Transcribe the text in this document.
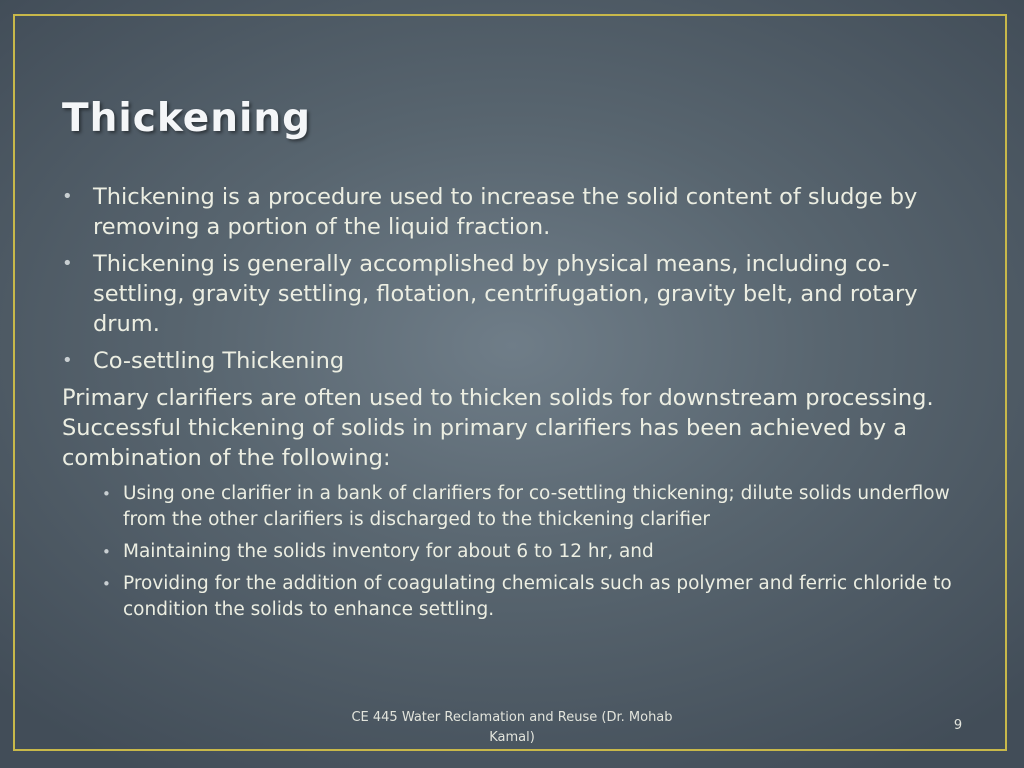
Thickening
• Thickening is a procedure used to increase the solid content of sludge by removing a portion of the liquid fraction.
• Thickening is generally accomplished by physical means, including co-settling, gravity settling, flotation, centrifugation, gravity belt, and rotary drum.
• Co-settling Thickening
Primary clarifiers are often used to thicken solids for downstream processing. Successful thickening of solids in primary clarifiers has been achieved by a combination of the following:
• Using one clarifier in a bank of clarifiers for co-settling thickening; dilute solids underflow from the other clarifiers is discharged to the thickening clarifier
• Maintaining the solids inventory for about 6 to 12 hr, and
• Providing for the addition of coagulating chemicals such as polymer and ferric chloride to condition the solids to enhance settling.
CE 445 Water Reclamation and Reuse (Dr. Mohab Kamal)
9
